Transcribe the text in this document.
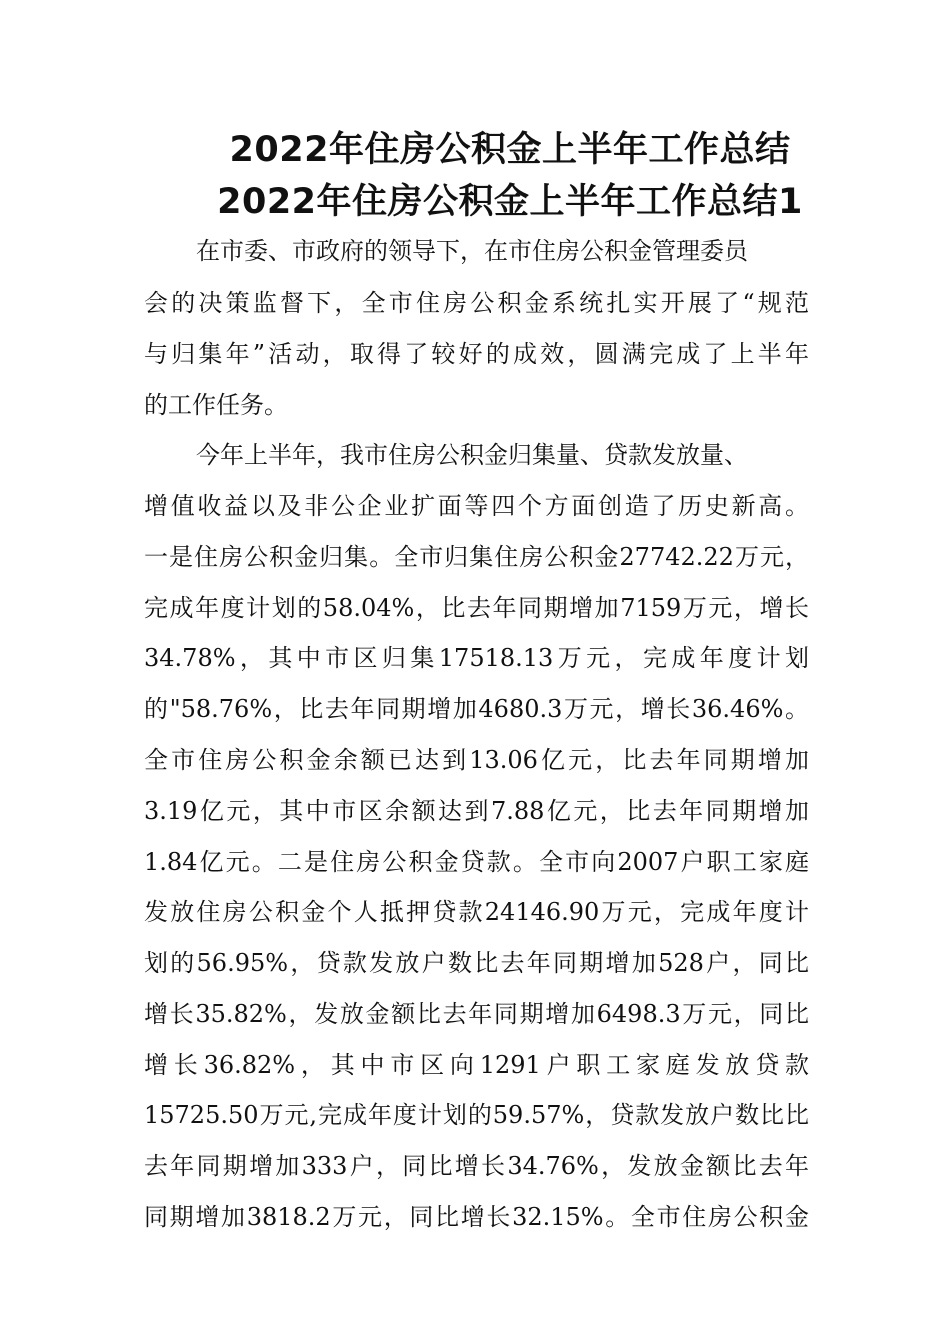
2022年住房公积金上半年工作总结
2022年住房公积金上半年工作总结1

在市委、市政府的领导下，在市住房公积金管理委员

会的决策监督下，全市住房公积金系统扎实开展了“规范

与归集年”活动，取得了较好的成效，圆满完成了上半年

的工作任务。

今年上半年，我市住房公积金归集量、贷款发放量、

增值收益以及非公企业扩面等四个方面创造了历史新高。

一是住房公积金归集。全市归集住房公积金27742.22万元，

完成年度计划的58.04%，比去年同期增加7159万元，增长

34.78%，其中市区归集17518.13万元，完成年度计划

的"58.76%，比去年同期增加4680.3万元，增长36.46%。

全市住房公积金余额已达到13.06亿元，比去年同期增加

3.19亿元，其中市区余额达到7.88亿元，比去年同期增加

1.84亿元。二是住房公积金贷款。全市向2007户职工家庭

发放住房公积金个人抵押贷款24146.90万元，完成年度计

划的56.95%，贷款发放户数比去年同期增加528户，同比

增长35.82%，发放金额比去年同期增加6498.3万元，同比

增长36.82%，其中市区向1291户职工家庭发放贷款

15725.50万元,完成年度计划的59.57%，贷款发放户数比比

去年同期增加333户，同比增长34.76%，发放金额比去年

同期增加3818.2万元，同比增长32.15%。全市住房公积金
